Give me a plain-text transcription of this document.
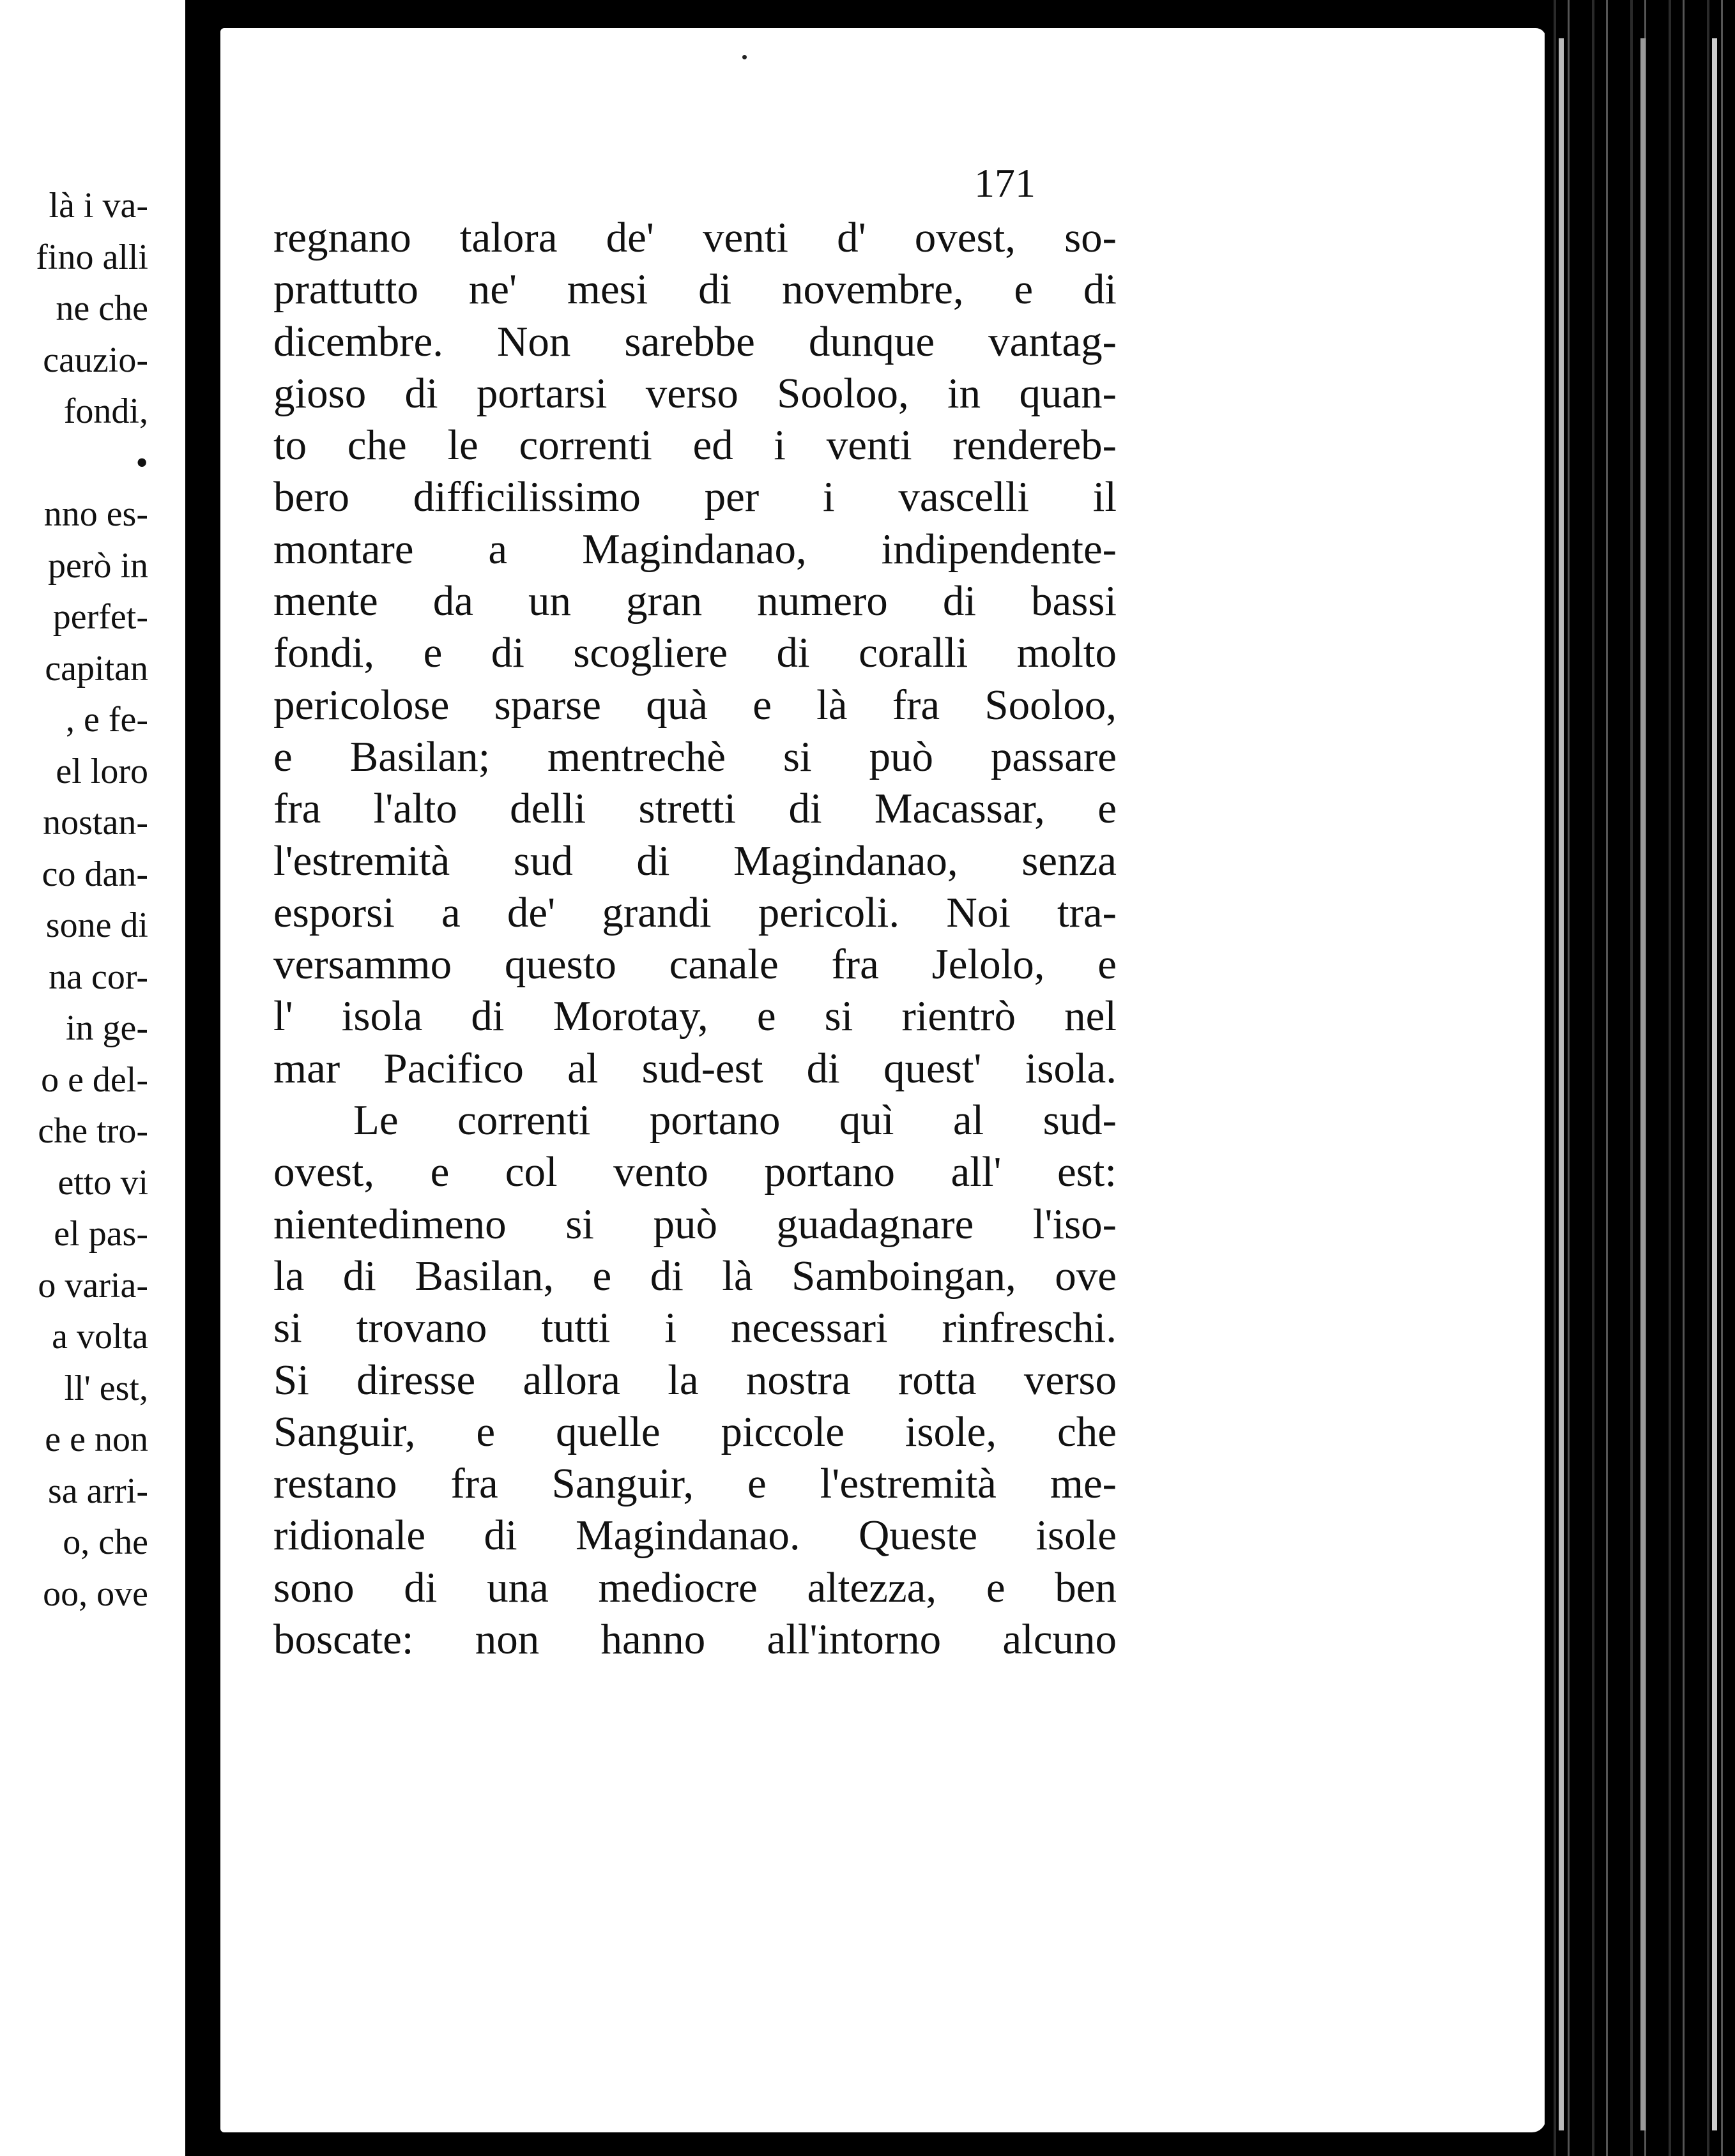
là i va-
fino alli
ne che
cauzio-
fondi,
•
nno es-
però in
perfet-
capitan
, e fe-
el loro
nostan-
co dan-
sone di
na cor-
in ge-
o e del-
che tro-
etto vi
el pas-
o varia-
a volta
ll' est,
e e non
sa arri-
o, che
oo, ove
171
regnano talora de' venti d' ovest, so-
prattutto ne' mesi di novembre, e di
dicembre. Non sarebbe dunque vantag-
gioso di portarsi verso Sooloo, in quan-
to che le correnti ed i venti rendereb-
bero difficilissimo per i vascelli il
montare a Magindanao, indipendente-
mente da un gran numero di bassi
fondi, e di scogliere di coralli molto
pericolose sparse quà e là fra Sooloo,
e Basilan; mentrechè si può passare
fra l'alto delli stretti di Macassar, e
l'estremità sud di Magindanao, senza
esporsi a de' grandi pericoli. Noi tra-
versammo questo canale fra Jelolo, e
l' isola di Morotay, e si rientrò nel
mar Pacifico al sud-est di quest' isola.
Le correnti portano quì al sud-
ovest, e col vento portano all' est:
nientedimeno si può guadagnare l'iso-
la di Basilan, e di là Samboingan, ove
si trovano tutti i necessari rinfreschi.
Si diresse allora la nostra rotta verso
Sanguir, e quelle piccole isole, che
restano fra Sanguir, e l'estremità me-
ridionale di Magindanao. Queste isole
sono di una mediocre altezza, e ben
boscate: non hanno all'intorno alcuno
